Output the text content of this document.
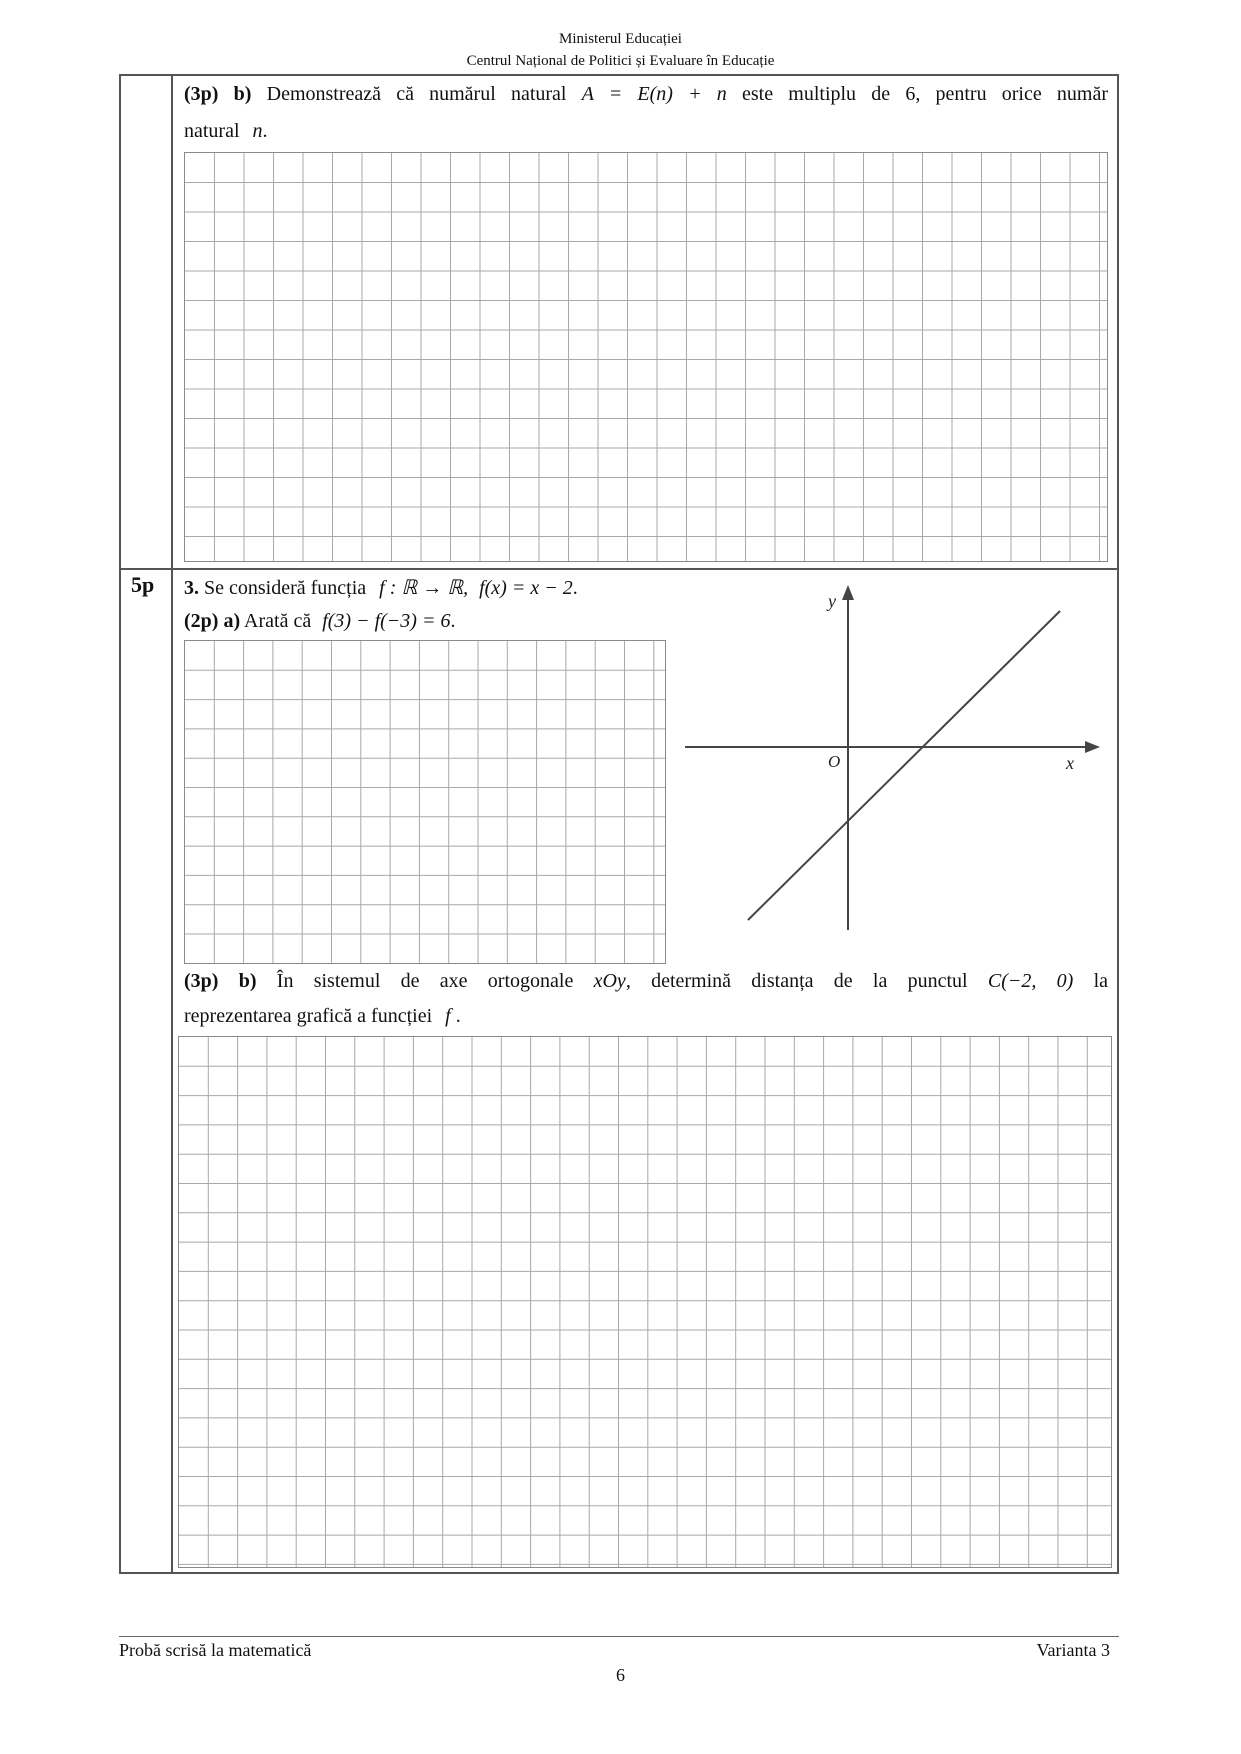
Ministerul Educației
Centrul Național de Politici și Evaluare în Educație
(3p) b) Demonstrează că numărul natural A = E(n) + n este multiplu de 6, pentru orice număr
natural n.
5p 3. Se consideră funcția f : ℝ → ℝ, f(x) = x − 2.
(2p) a) Arată că f(3) − f(−3) = 6.
y
x
O
(3p) b) În sistemul de axe ortogonale xOy, determină distanța de la punctul C(−2, 0) la
reprezentarea grafică a funcției f .
Probă scrisă la matematică	Varianta 3
6
